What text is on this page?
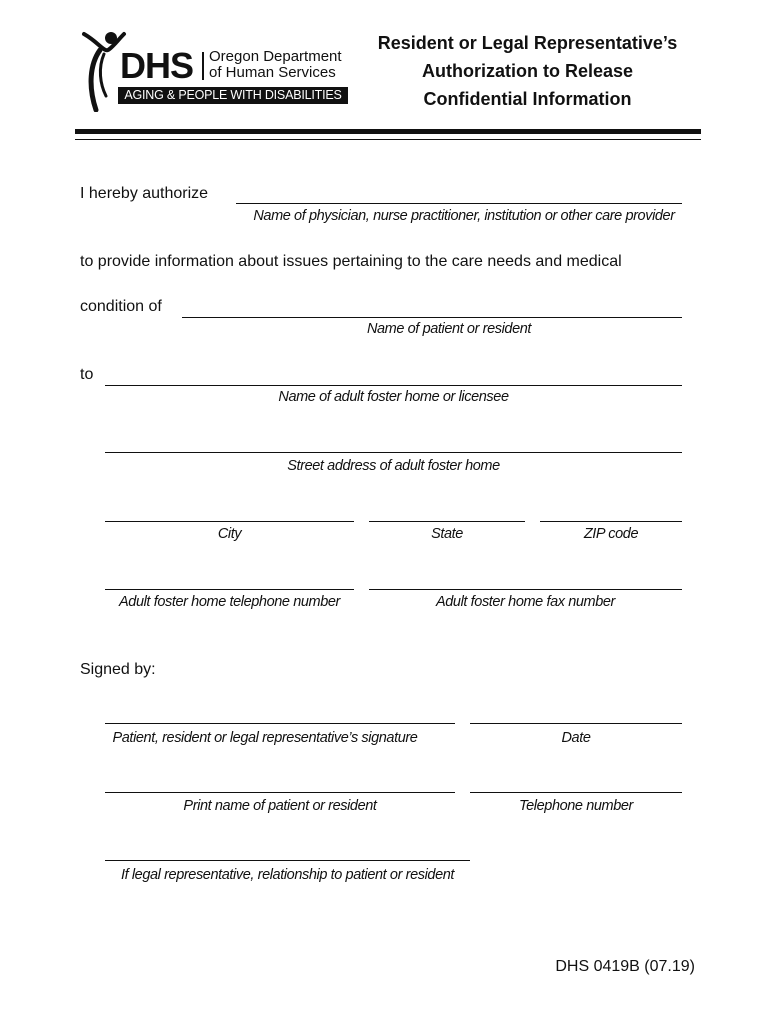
DHS Oregon Department
of Human Services
AGING & PEOPLE WITH DISABILITIES
Resident or Legal Representative’s
Authorization to Release
Confidential Information
I hereby authorize
Name of physician, nurse practitioner, institution or other care provider
to provide information about issues pertaining to the care needs and medical
condition of
Name of patient or resident
to
Name of adult foster home or licensee
Street address of adult foster home
City	State	ZIP code
Adult foster home telephone number	Adult foster home fax number
Signed by:
Patient, resident or legal representative’s signature	Date
Print name of patient or resident	Telephone number
If legal representative, relationship to patient or resident
DHS 0419B (07.19)
